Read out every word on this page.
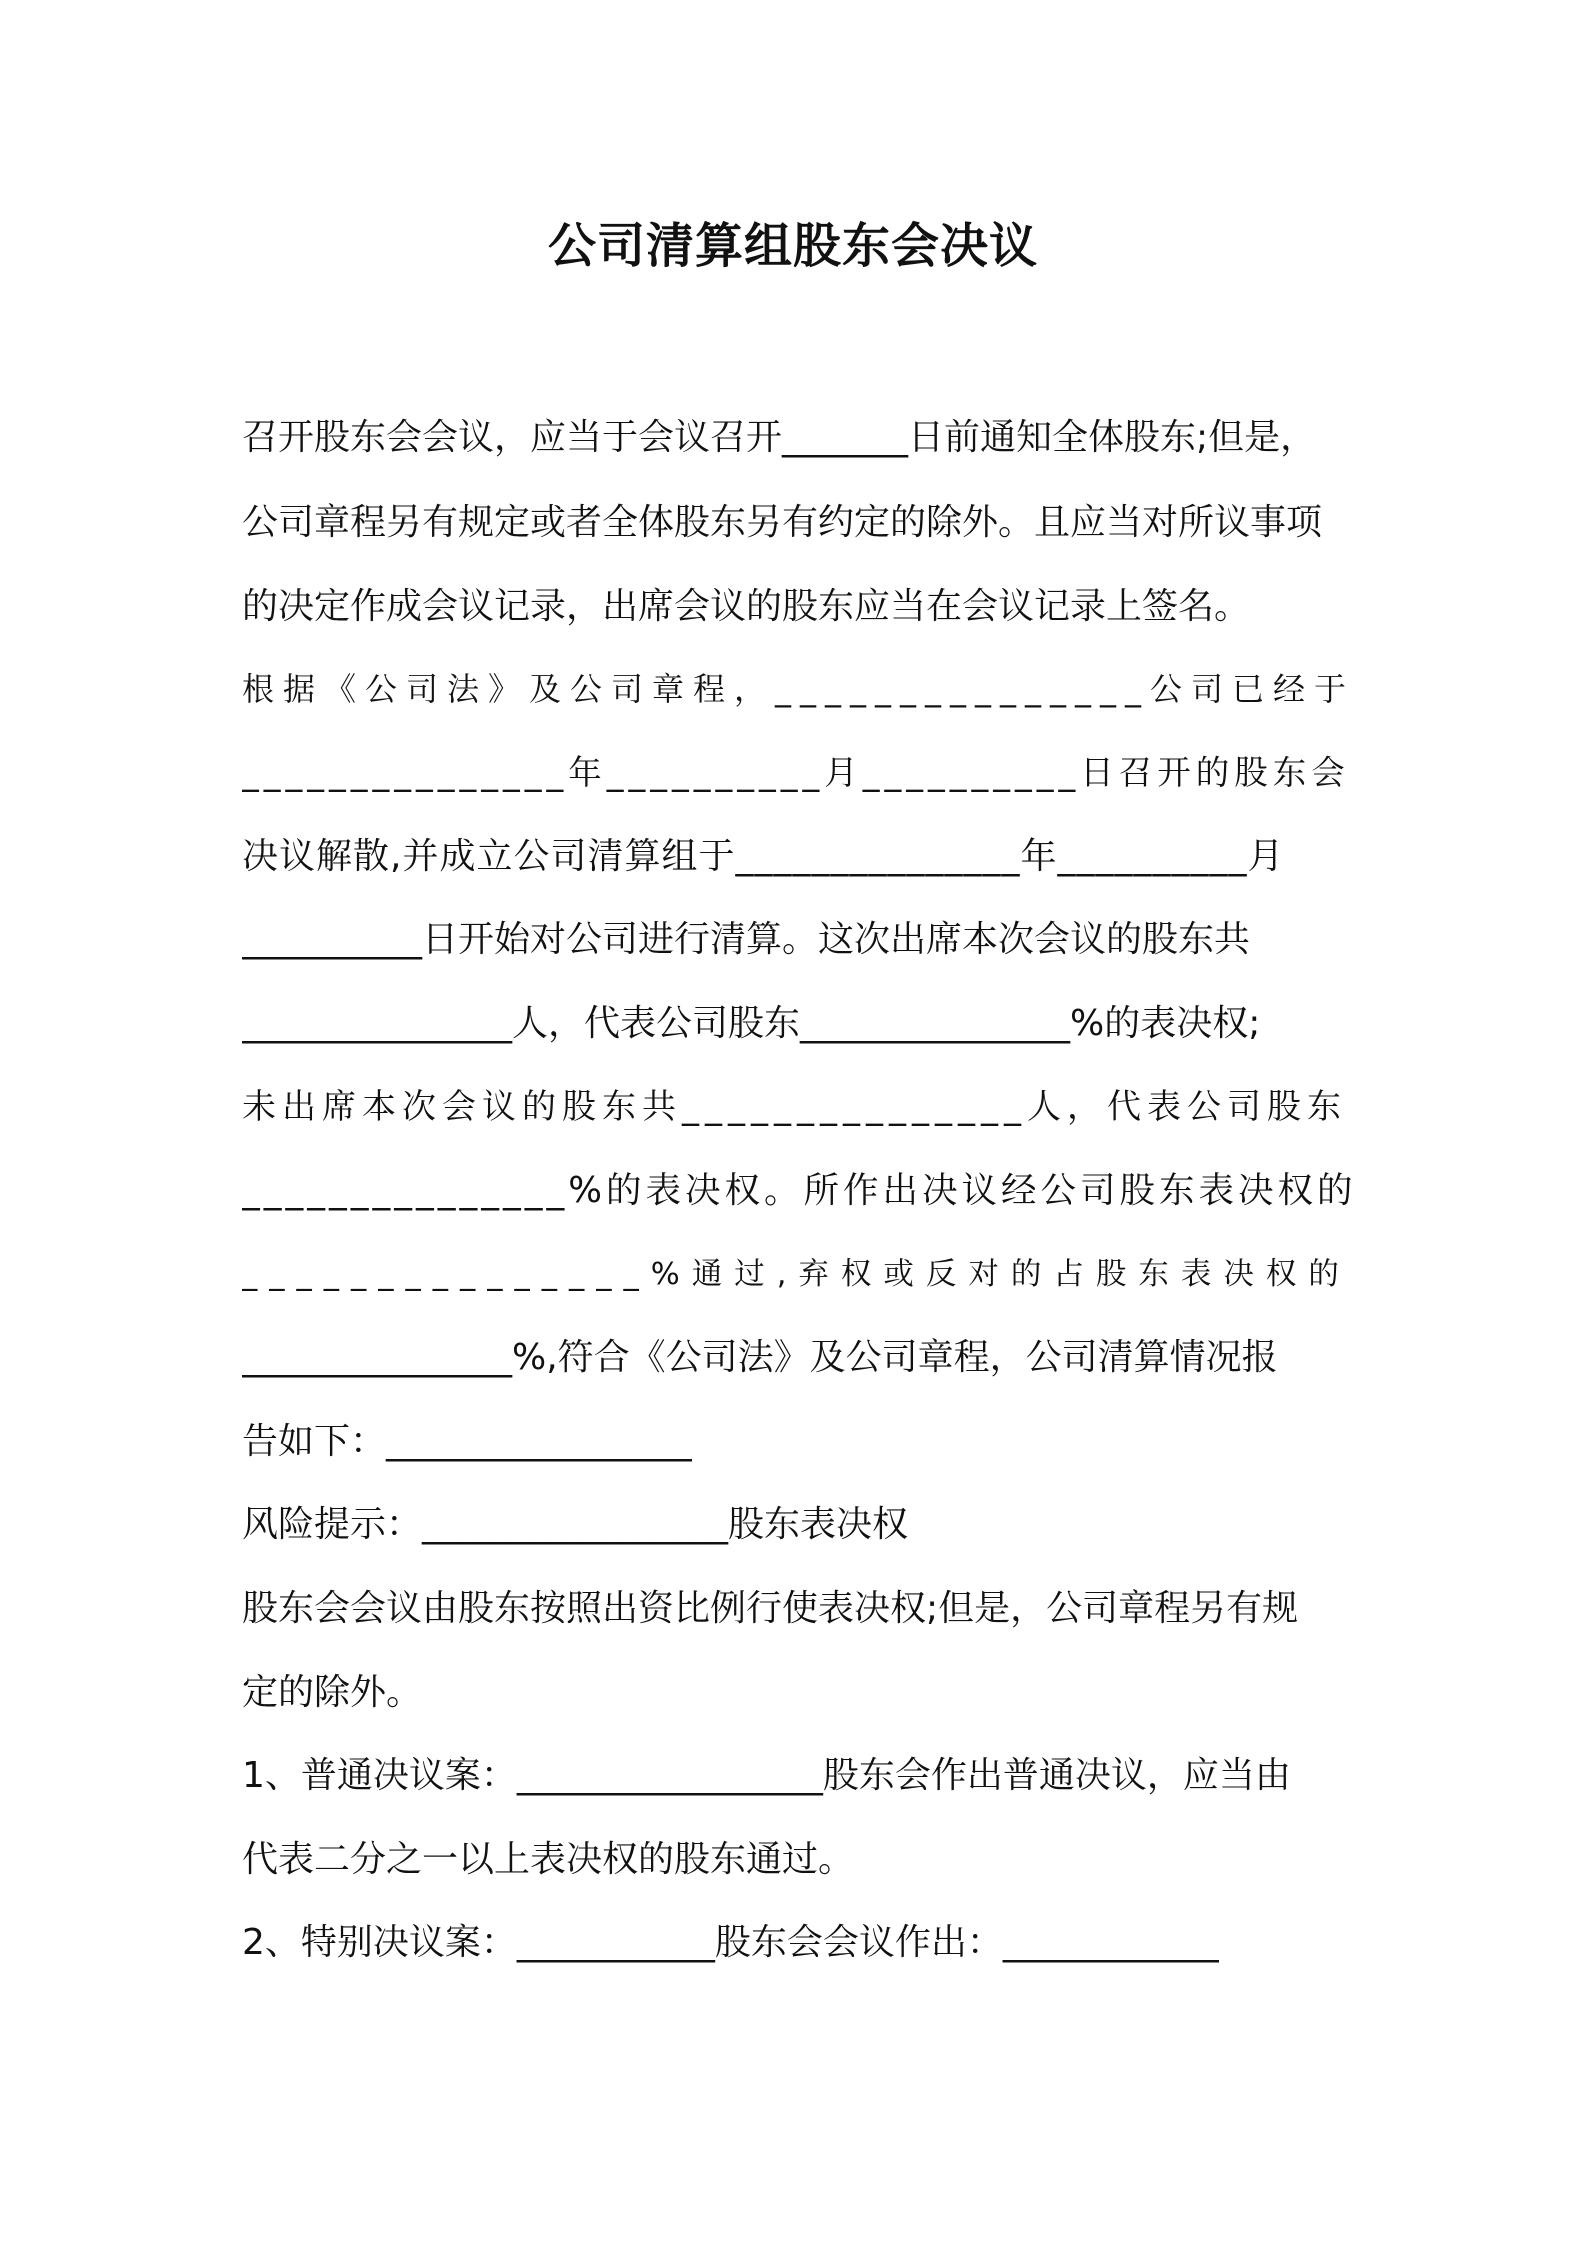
公司清算组股东会决议

召开股东会会议，应当于会议召开_______日前通知全体股东;但是，

公司章程另有规定或者全体股东另有约定的除外。且应当对所议事项

的决定作成会议记录，出席会议的股东应当在会议记录上签名。

根据《公司法》及公司章程，_______________公司已经于

_______________年__________月__________日召开的股东会

决议解散,并成立公司清算组于_______________年__________月

__________日开始对公司进行清算。这次出席本次会议的股东共

_______________人，代表公司股东_______________%的表决权;

未出席本次会议的股东共_______________人，代表公司股东

_______________%的表决权。所作出决议经公司股东表决权的

_______________%通过,弃权或反对的占股东表决权的

_______________%,符合《公司法》及公司章程，公司清算情况报

告如下：_________________

风险提示：_________________股东表决权

股东会会议由股东按照出资比例行使表决权;但是，公司章程另有规

定的除外。

1、普通决议案：_________________股东会作出普通决议，应当由

代表二分之一以上表决权的股东通过。

2、特别决议案：___________股东会会议作出：____________
